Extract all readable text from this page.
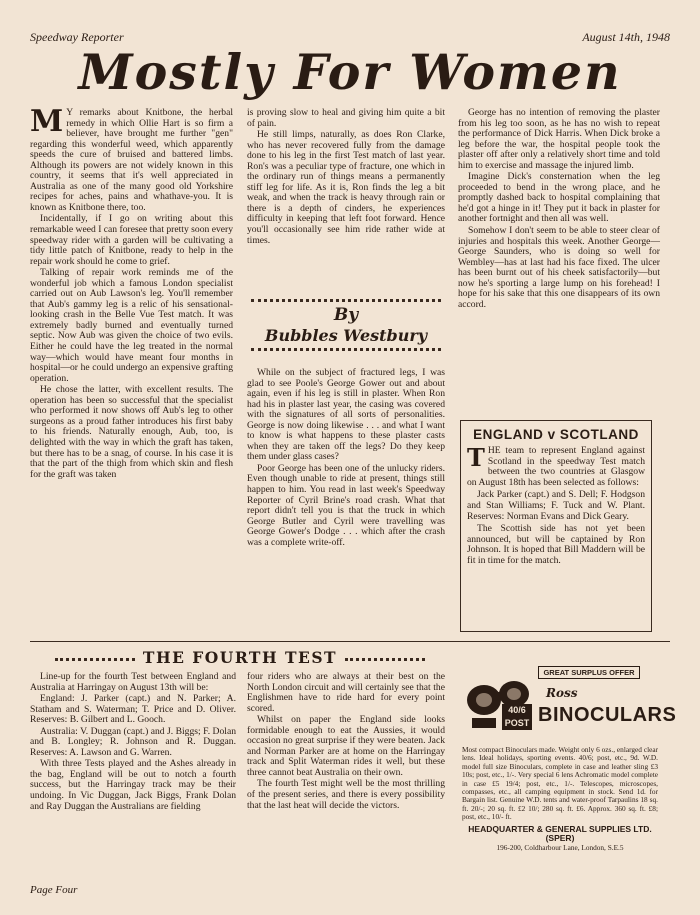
Speedway Reporter	August 14th, 1948
Mostly For Women

M Y remarks about Knitbone, the herbal remedy in which Ollie Hart is so firm a believer, have brought me further "gen" regarding this wonderful weed, which apparently speeds the cure of bruised and battered limbs. Although its powers are not widely known in this country, it seems that it's well appreciated in Australia as one of the many good old Yorkshire recipes for aches, pains and whathave-you. It is known as Knitbone there, too.

Incidentally, if I go on writing about this remarkable weed I can foresee that pretty soon every speedway rider with a garden will be cultivating a tidy little patch of Knitbone, ready to help in the repair work should he come to grief.

Talking of repair work reminds me of the wonderful job which a famous London specialist carried out on Aub Lawson's leg. You'll remember that Aub's gammy leg is a relic of his sensational-looking crash in the Belle Vue Test match. It was extremely badly burned and eventually turned septic. Now Aub was given the choice of two evils. Either he could have the leg treated in the normal way—which would have meant four months in hospital—or he could undergo an expensive grafting operation.

He chose the latter, with excellent results. The operation has been so successful that the specialist who performed it now shows off Aub's leg to other surgeons as a proud father introduces his first baby to his friends. Naturally enough, Aub, too, is delighted with the way in which the graft has taken, but there has to be a snag, of course. In his case it is that the part of the thigh from which skin and flesh for the graft was taken

is proving slow to heal and giving him quite a bit of pain.

He still limps, naturally, as does Ron Clarke, who has never recovered fully from the damage done to his leg in the first Test match of last year. Ron's was a peculiar type of fracture, one which in the ordinary run of things means a permanently stiff leg for life. As it is, Ron finds the leg a bit weak, and when the track is heavy through rain or there is a depth of cinders, he experiences difficulty in keeping that left foot forward. Hence you'll occasionally see him ride rather wide at times.

By
Bubbles Westbury

While on the subject of fractured legs, I was glad to see Poole's George Gower out and about again, even if his leg is still in plaster. When Ron had his in plaster last year, the casing was covered with the signatures of all sorts of personalities. George is now doing likewise . . . and what I want to know is what happens to these plaster casts when they are taken off the legs? Do they keep them under glass cases?

Poor George has been one of the unlucky riders. Even though unable to ride at present, things still happen to him. You read in last week's Speedway Reporter of Cyril Brine's road crash. What that report didn't tell you is that the truck in which George Butler and Cyril were travelling was George Gower's Dodge . . . which after the crash was a complete write-off.

George has no intention of removing the plaster from his leg too soon, as he has no wish to repeat the performance of Dick Harris. When Dick broke a leg before the war, the hospital people took the plaster off after only a relatively short time and told him to exercise and massage the injured limb.

Imagine Dick's consternation when the leg proceeded to bend in the wrong place, and he promptly dashed back to hospital complaining that he'd got a hinge in it! They put it back in plaster for another fortnight and then all was well.

Somehow I don't seem to be able to steer clear of injuries and hospitals this week. Another George—George Saunders, who is doing so well for Wembley—has at last had his face fixed. The ulcer has been burnt out of his cheek satisfactorily—but now he's sporting a large lump on his forehead! I hope for his sake that this one disappears of its own accord.

ENGLAND v SCOTLAND

THE team to represent England against Scotland in the speedway Test match between the two countries at Glasgow on August 18th has been selected as follows:

Jack Parker (capt.) and S. Dell; F. Hodgson and Stan Williams; F. Tuck and W. Plant. Reserves: Norman Evans and Dick Geary.

The Scottish side has not yet been announced, but will be captained by Ron Johnson. It is hoped that Bill Maddern will be fit in time for the match.

THE FOURTH TEST

Line-up for the fourth Test between England and Australia at Harringay on August 13th will be:

England: J. Parker (capt.) and N. Parker; A. Statham and S. Waterman; T. Price and D. Oliver. Reserves: B. Gilbert and L. Gooch.

Australia: V. Duggan (capt.) and J. Biggs; F. Dolan and B. Longley; R. Johnson and R. Duggan. Reserves: A. Lawson and G. Warren.

With three Tests played and the Ashes already in the bag, England will be out to notch a fourth success, but the Harringay track may be their undoing. In Vic Duggan, Jack Biggs, Frank Dolan and Ray Duggan the Australians are fielding

four riders who are always at their best on the North London circuit and will certainly see that the Englishmen have to ride hard for every point scored.

Whilst on paper the England side looks formidable enough to eat the Aussies, it would occasion no great surprise if they were beaten. Jack and Norman Parker are at home on the Harringay track and Split Waterman rides it well, but these three cannot beat Australia on their own.

The fourth Test might well be the most thrilling of the present series, and there is every possibility that the last heat will decide the victors.

GREAT SURPLUS OFFER
Ross
40/6 POST 9d
BINOCULARS
Most compact Binoculars made. Weight only 6 ozs., enlarged clear lens. Ideal holidays, sporting events. 40/6; post, etc., 9d. W.D. model full size Binoculars, complete in case and leather sling £3 10s; post, etc., 1/-. Very special 6 lens Achromatic model complete in case £5 19/4; post, etc., 1/-. Telescopes, microscopes, compasses, etc., all camping equipment in stock. Send 1d. for Bargain list. Genuine W.D. tents and water-proof Tarpaulins 18 sq. ft. 20/-; 20 sq. ft. £2 10/; 280 sq. ft. £6. Approx. 360 sq. ft. £8; post, etc., 10/- ft.
HEADQUARTER & GENERAL SUPPLIES LTD. (SPER)
196-200, Coldharbour Lane, London, S.E.5
Page Four
